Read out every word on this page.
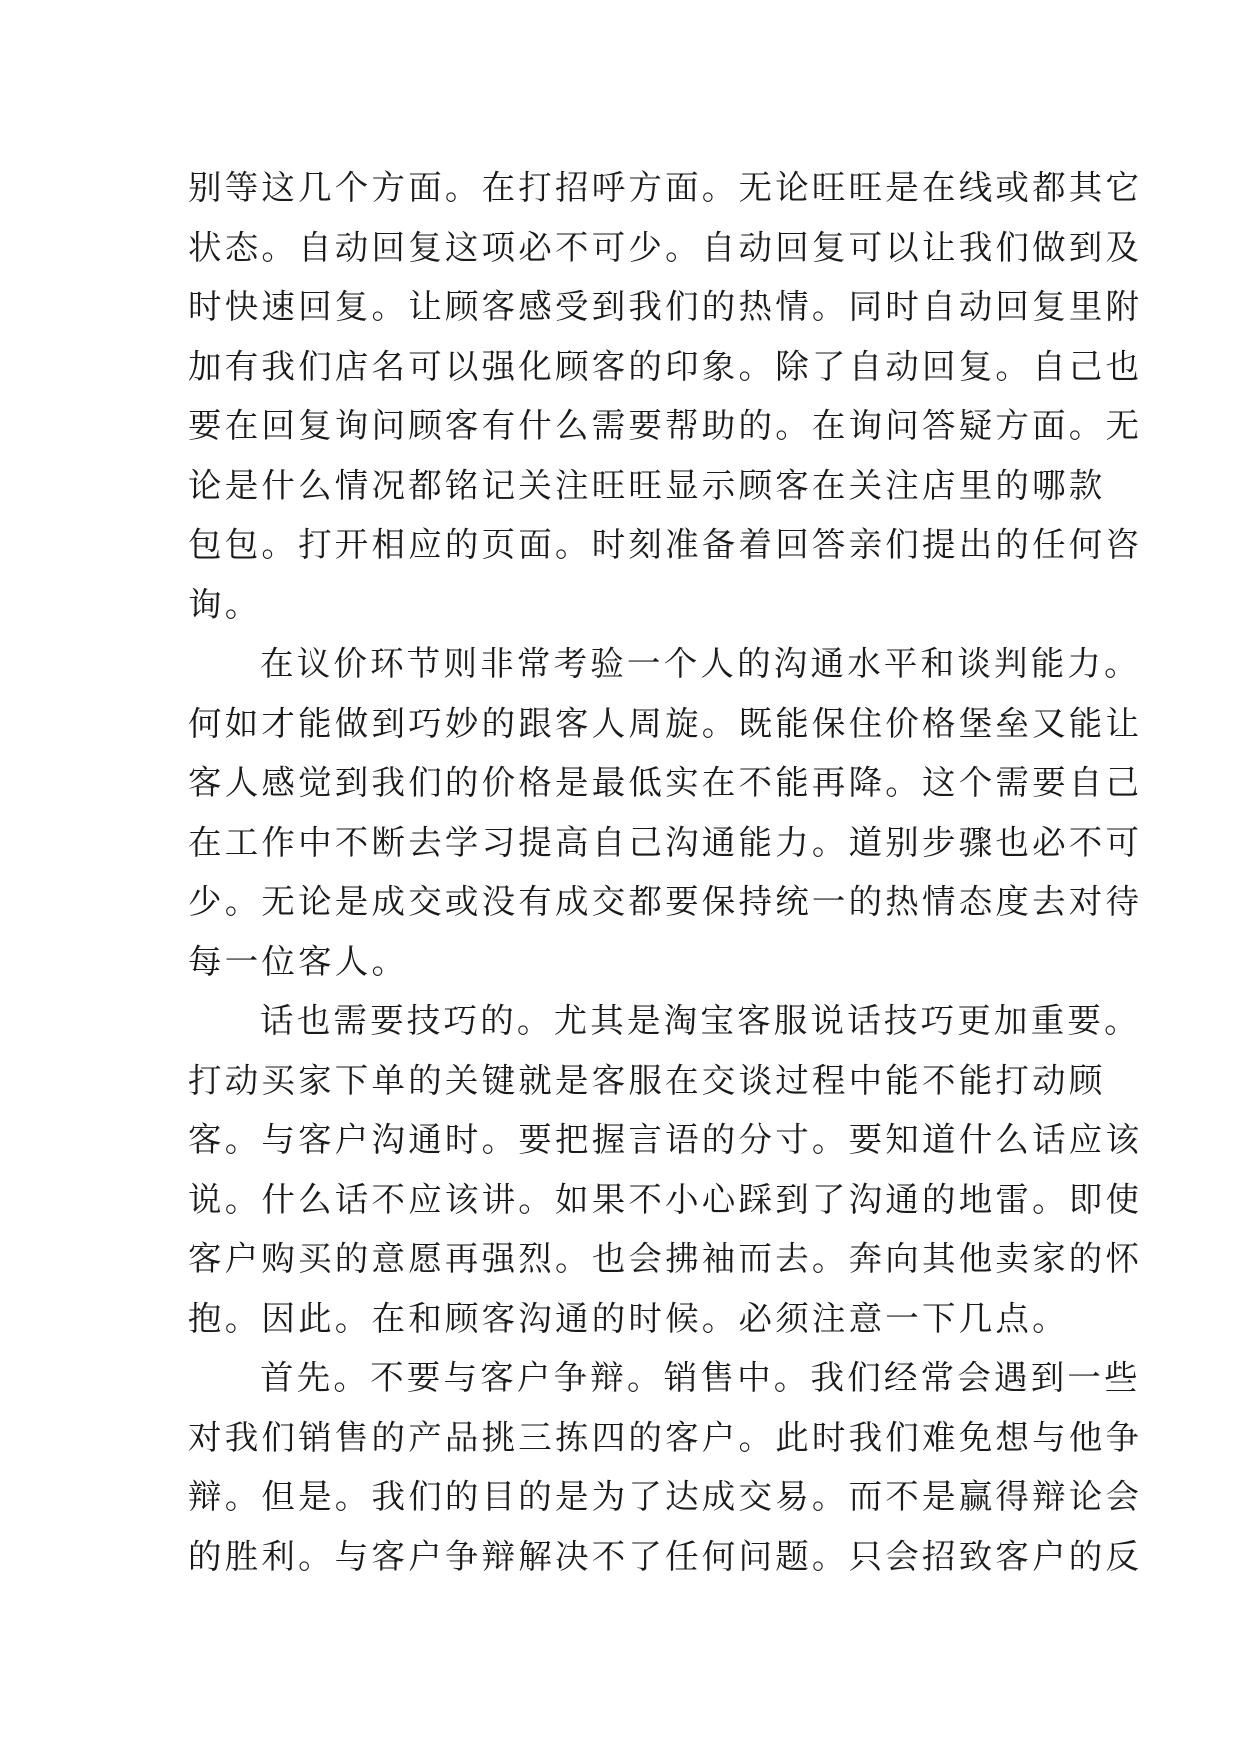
别等这几个方面。在打招呼方面。无论旺旺是在线或都其它
状态。自动回复这项必不可少。自动回复可以让我们做到及
时快速回复。让顾客感受到我们的热情。同时自动回复里附
加有我们店名可以强化顾客的印象。除了自动回复。自己也
要在回复询问顾客有什么需要帮助的。在询问答疑方面。无
论是什么情况都铭记关注旺旺显示顾客在关注店里的哪款
包包。打开相应的页面。时刻准备着回答亲们提出的任何咨
询。
在议价环节则非常考验一个人的沟通水平和谈判能力。
何如才能做到巧妙的跟客人周旋。既能保住价格堡垒又能让
客人感觉到我们的价格是最低实在不能再降。这个需要自己
在工作中不断去学习提高自己沟通能力。道别步骤也必不可
少。无论是成交或没有成交都要保持统一的热情态度去对待
每一位客人。
话也需要技巧的。尤其是淘宝客服说话技巧更加重要。
打动买家下单的关键就是客服在交谈过程中能不能打动顾
客。与客户沟通时。要把握言语的分寸。要知道什么话应该
说。什么话不应该讲。如果不小心踩到了沟通的地雷。即使
客户购买的意愿再强烈。也会拂袖而去。奔向其他卖家的怀
抱。因此。在和顾客沟通的时候。必须注意一下几点。
首先。不要与客户争辩。销售中。我们经常会遇到一些
对我们销售的产品挑三拣四的客户。此时我们难免想与他争
辩。但是。我们的目的是为了达成交易。而不是赢得辩论会
的胜利。与客户争辩解决不了任何问题。只会招致客户的反
